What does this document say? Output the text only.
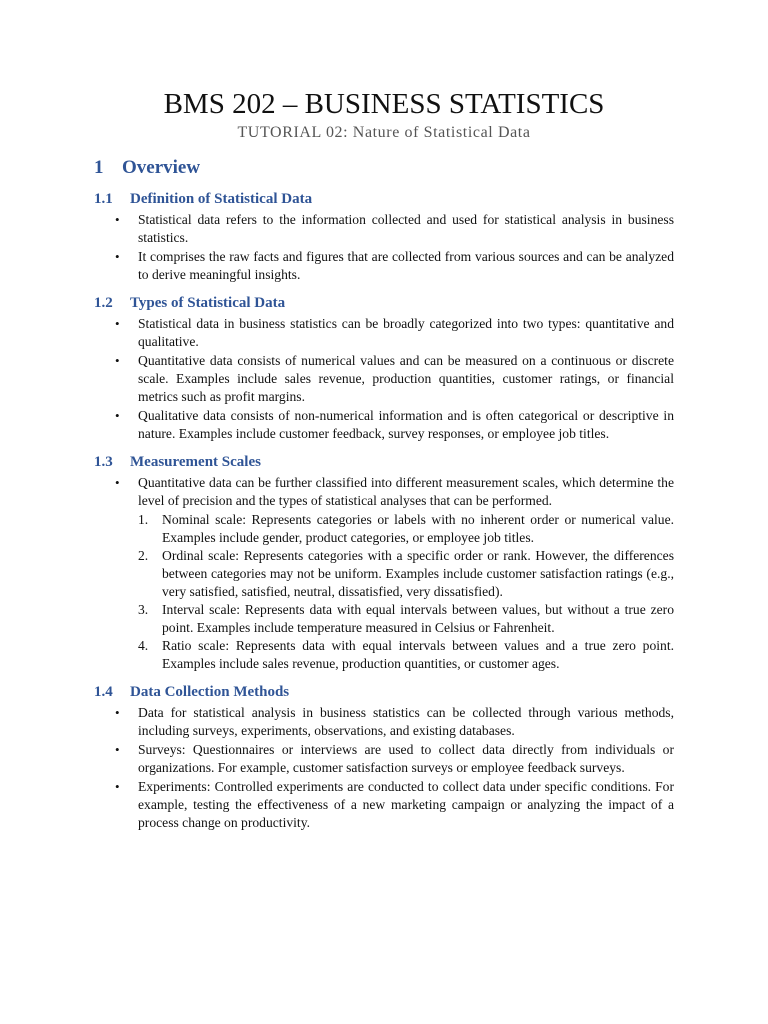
BMS 202 – BUSINESS STATISTICS
TUTORIAL 02: Nature of Statistical Data
1 Overview
1.1	Definition of Statistical Data
• Statistical data refers to the information collected and used for statistical analysis in business statistics.
• It comprises the raw facts and figures that are collected from various sources and can be analyzed to derive meaningful insights.
1.2	Types of Statistical Data
• Statistical data in business statistics can be broadly categorized into two types: quantitative and qualitative.
• Quantitative data consists of numerical values and can be measured on a continuous or discrete scale. Examples include sales revenue, production quantities, customer ratings, or financial metrics such as profit margins.
• Qualitative data consists of non-numerical information and is often categorical or descriptive in nature. Examples include customer feedback, survey responses, or employee job titles.
1.3	Measurement Scales
• Quantitative data can be further classified into different measurement scales, which determine the level of precision and the types of statistical analyses that can be performed.
1. Nominal scale: Represents categories or labels with no inherent order or numerical value. Examples include gender, product categories, or employee job titles.
2. Ordinal scale: Represents categories with a specific order or rank. However, the differences between categories may not be uniform. Examples include customer satisfaction ratings (e.g., very satisfied, satisfied, neutral, dissatisfied, very dissatisfied).
3. Interval scale: Represents data with equal intervals between values, but without a true zero point. Examples include temperature measured in Celsius or Fahrenheit.
4. Ratio scale: Represents data with equal intervals between values and a true zero point. Examples include sales revenue, production quantities, or customer ages.
1.4	Data Collection Methods
• Data for statistical analysis in business statistics can be collected through various methods, including surveys, experiments, observations, and existing databases.
• Surveys: Questionnaires or interviews are used to collect data directly from individuals or organizations. For example, customer satisfaction surveys or employee feedback surveys.
• Experiments: Controlled experiments are conducted to collect data under specific conditions. For example, testing the effectiveness of a new marketing campaign or analyzing the impact of a process change on productivity.
